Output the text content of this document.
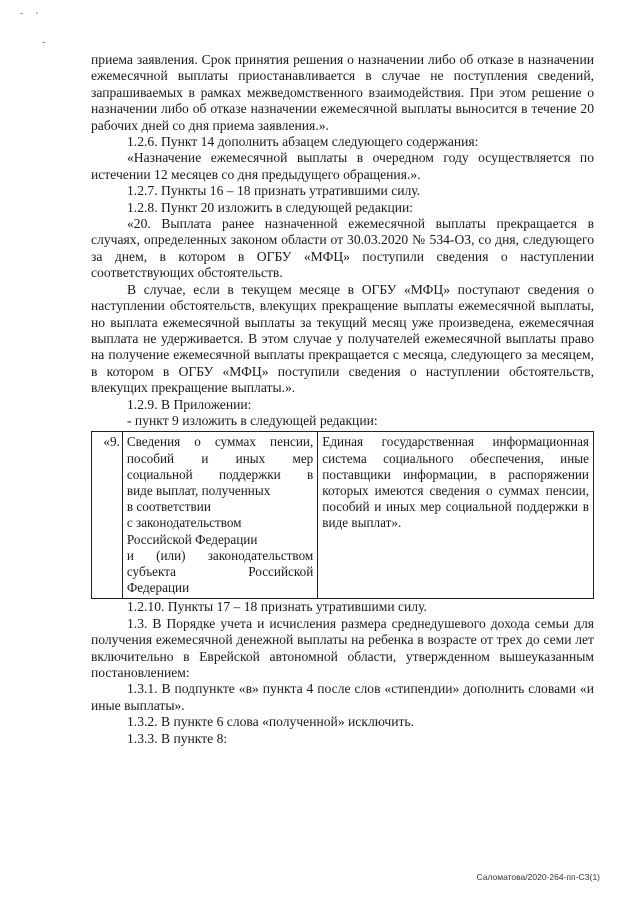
- '
-

приема заявления. Срок принятия решения о назначении либо об отказе в назначении ежемесячной выплаты приостанавливается в случае не поступления сведений, запрашиваемых в рамках межведомственного взаимодействия. При этом решение о назначении либо об отказе назначении ежемесячной выплаты выносится в течение 20 рабочих дней со дня приема заявления.».

1.2.6. Пункт 14 дополнить абзацем следующего содержания:

«Назначение ежемесячной выплаты в очередном году осуществляется по истечении 12 месяцев со дня предыдущего обращения.».

1.2.7. Пункты 16 – 18 признать утратившими силу.

1.2.8. Пункт 20 изложить в следующей редакции:

«20. Выплата ранее назначенной ежемесячной выплаты прекращается в случаях, определенных законом области от 30.03.2020 № 534-ОЗ, со дня, следующего за днем, в котором в ОГБУ «МФЦ» поступили сведения о наступлении соответствующих обстоятельств.

В случае, если в текущем месяце в ОГБУ «МФЦ» поступают сведения о наступлении обстоятельств, влекущих прекращение выплаты ежемесячной выплаты, но выплата ежемесячной выплаты за текущий месяц уже произведена, ежемесячная выплата не удерживается. В этом случае у получателей ежемесячной выплаты право на получение ежемесячной выплаты прекращается с месяца, следующего за месяцем, в котором в ОГБУ «МФЦ» поступили сведения о наступлении обстоятельств, влекущих прекращение выплаты.».

1.2.9. В Приложении:

- пункт 9 изложить в следующей редакции:

«9.	Сведения о суммах пенсии,
пособий и иных мер
социальной поддержки в
виде выплат, полученных
в соответствии
с законодательством
Российской Федерации
и (или) законодательством
субъекта Российской
Федерации
	Единая государственная информационная система социального обеспечения, иные поставщики информации, в распоряжении которых имеются сведения о суммах пенсии, пособий и иных мер социальной поддержки в виде выплат».

1.2.10. Пункты 17 – 18 признать утратившими силу.

1.3. В Порядке учета и исчисления размера среднедушевого дохода семьи для получения ежемесячной денежной выплаты на ребенка в возрасте от трех до семи лет включительно в Еврейской автономной области, утвержденном вышеуказанным постановлением:

1.3.1. В подпункте «в» пункта 4 после слов «стипендии» дополнить словами «и иные выплаты».

1.3.2. В пункте 6 слова «полученной» исключить.

1.3.3. В пункте 8:

Саломатова/2020-264-пп-СЗ(1)
